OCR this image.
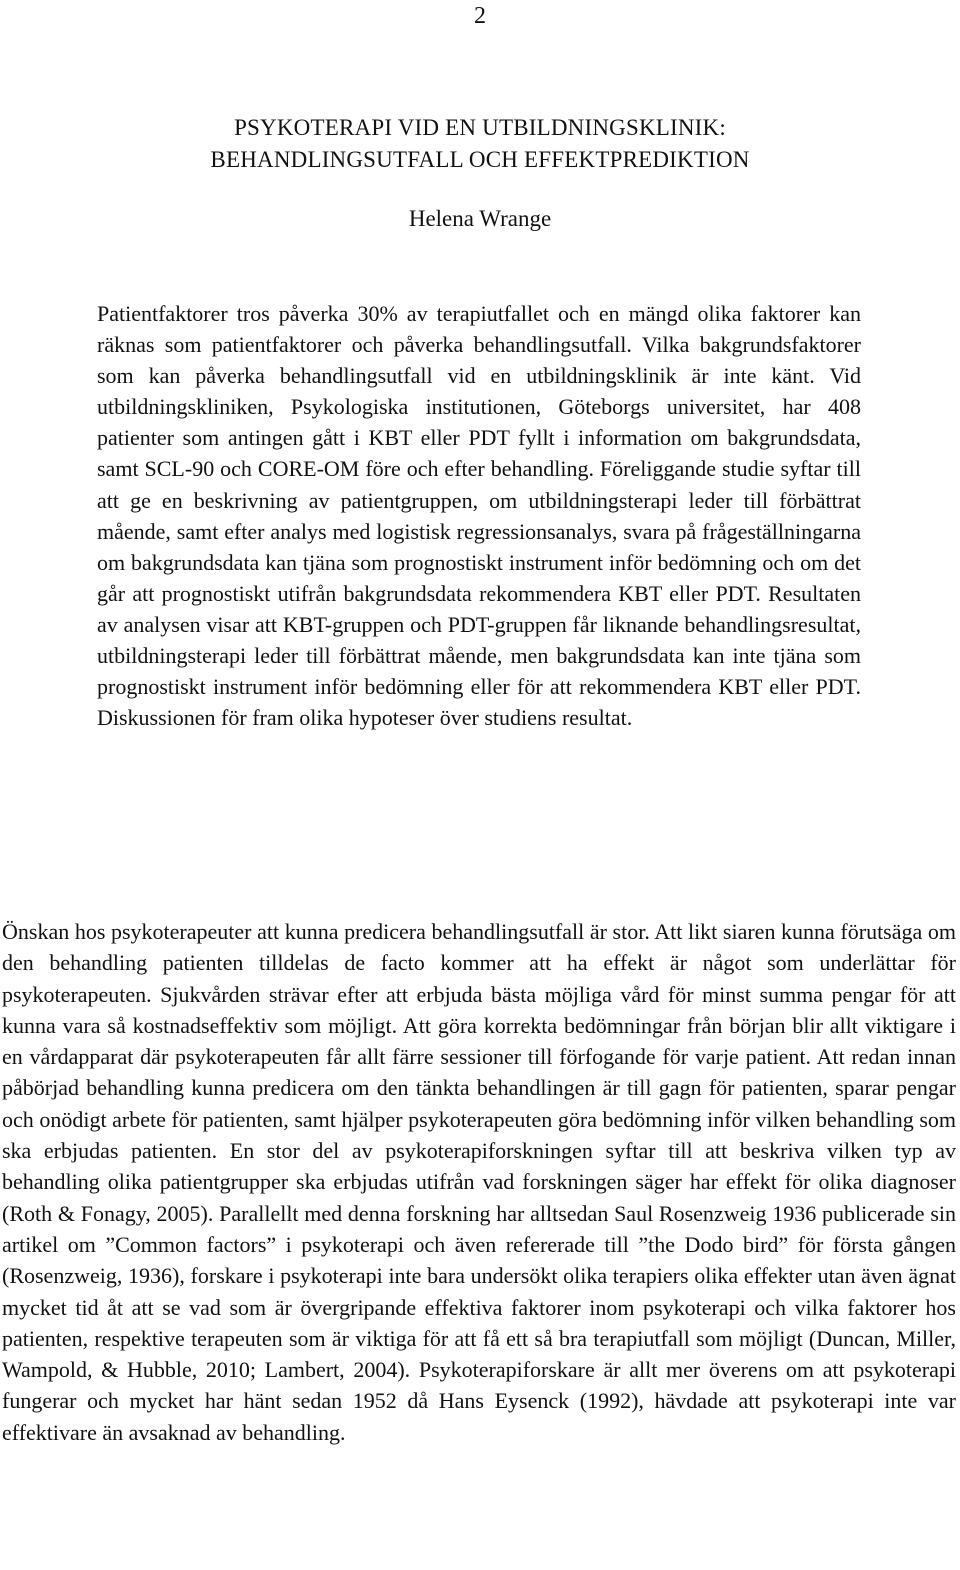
2
PSYKOTERAPI VID EN UTBILDNINGSKLINIK:
BEHANDLINGSUTFALL OCH EFFEKTPREDIKTION
Helena Wrange

Patientfaktorer tros påverka 30% av terapiutfallet och en mängd olika faktorer kan räknas som patientfaktorer och påverka behandlingsutfall. Vilka bakgrundsfaktorer som kan påverka behandlingsutfall vid en utbildningsklinik är inte känt. Vid utbildningskliniken, Psykologiska institutionen, Göteborgs universitet, har 408 patienter som antingen gått i KBT eller PDT fyllt i information om bakgrundsdata, samt SCL-90 och CORE-OM före och efter behandling. Föreliggande studie syftar till att ge en beskrivning av patientgruppen, om utbildningsterapi leder till förbättrat mående, samt efter analys med logistisk regressionsanalys, svara på frågeställningarna om bakgrundsdata kan tjäna som prognostiskt instrument inför bedömning och om det går att prognostiskt utifrån bakgrundsdata rekommendera KBT eller PDT. Resultaten av analysen visar att KBT-gruppen och PDT-gruppen får liknande behandlingsresultat, utbildningsterapi leder till förbättrat mående, men bakgrundsdata kan inte tjäna som prognostiskt instrument inför bedömning eller för att rekommendera KBT eller PDT. Diskussionen för fram olika hypoteser över studiens resultat.

Önskan hos psykoterapeuter att kunna predicera behandlingsutfall är stor. Att likt siaren kunna förutsäga om den behandling patienten tilldelas de facto kommer att ha effekt är något som underlättar för psykoterapeuten. Sjukvården strävar efter att erbjuda bästa möjliga vård för minst summa pengar för att kunna vara så kostnadseffektiv som möjligt. Att göra korrekta bedömningar från början blir allt viktigare i en vårdapparat där psykoterapeuten får allt färre sessioner till förfogande för varje patient. Att redan innan påbörjad behandling kunna predicera om den tänkta behandlingen är till gagn för patienten, sparar pengar och onödigt arbete för patienten, samt hjälper psykoterapeuten göra bedömning inför vilken behandling som ska erbjudas patienten. En stor del av psykoterapiforskningen syftar till att beskriva vilken typ av behandling olika patientgrupper ska erbjudas utifrån vad forskningen säger har effekt för olika diagnoser (Roth & Fonagy, 2005). Parallellt med denna forskning har alltsedan Saul Rosenzweig 1936 publicerade sin artikel om ”Common factors” i psykoterapi och även refererade till ”the Dodo bird” för första gången (Rosenzweig, 1936), forskare i psykoterapi inte bara undersökt olika terapiers olika effekter utan även ägnat mycket tid åt att se vad som är övergripande effektiva faktorer inom psykoterapi och vilka faktorer hos patienten, respektive terapeuten som är viktiga för att få ett så bra terapiutfall som möjligt (Duncan, Miller, Wampold, & Hubble, 2010; Lambert, 2004). Psykoterapiforskare är allt mer överens om att psykoterapi fungerar och mycket har hänt sedan 1952 då Hans Eysenck (1992), hävdade att psykoterapi inte var effektivare än avsaknad av behandling.
